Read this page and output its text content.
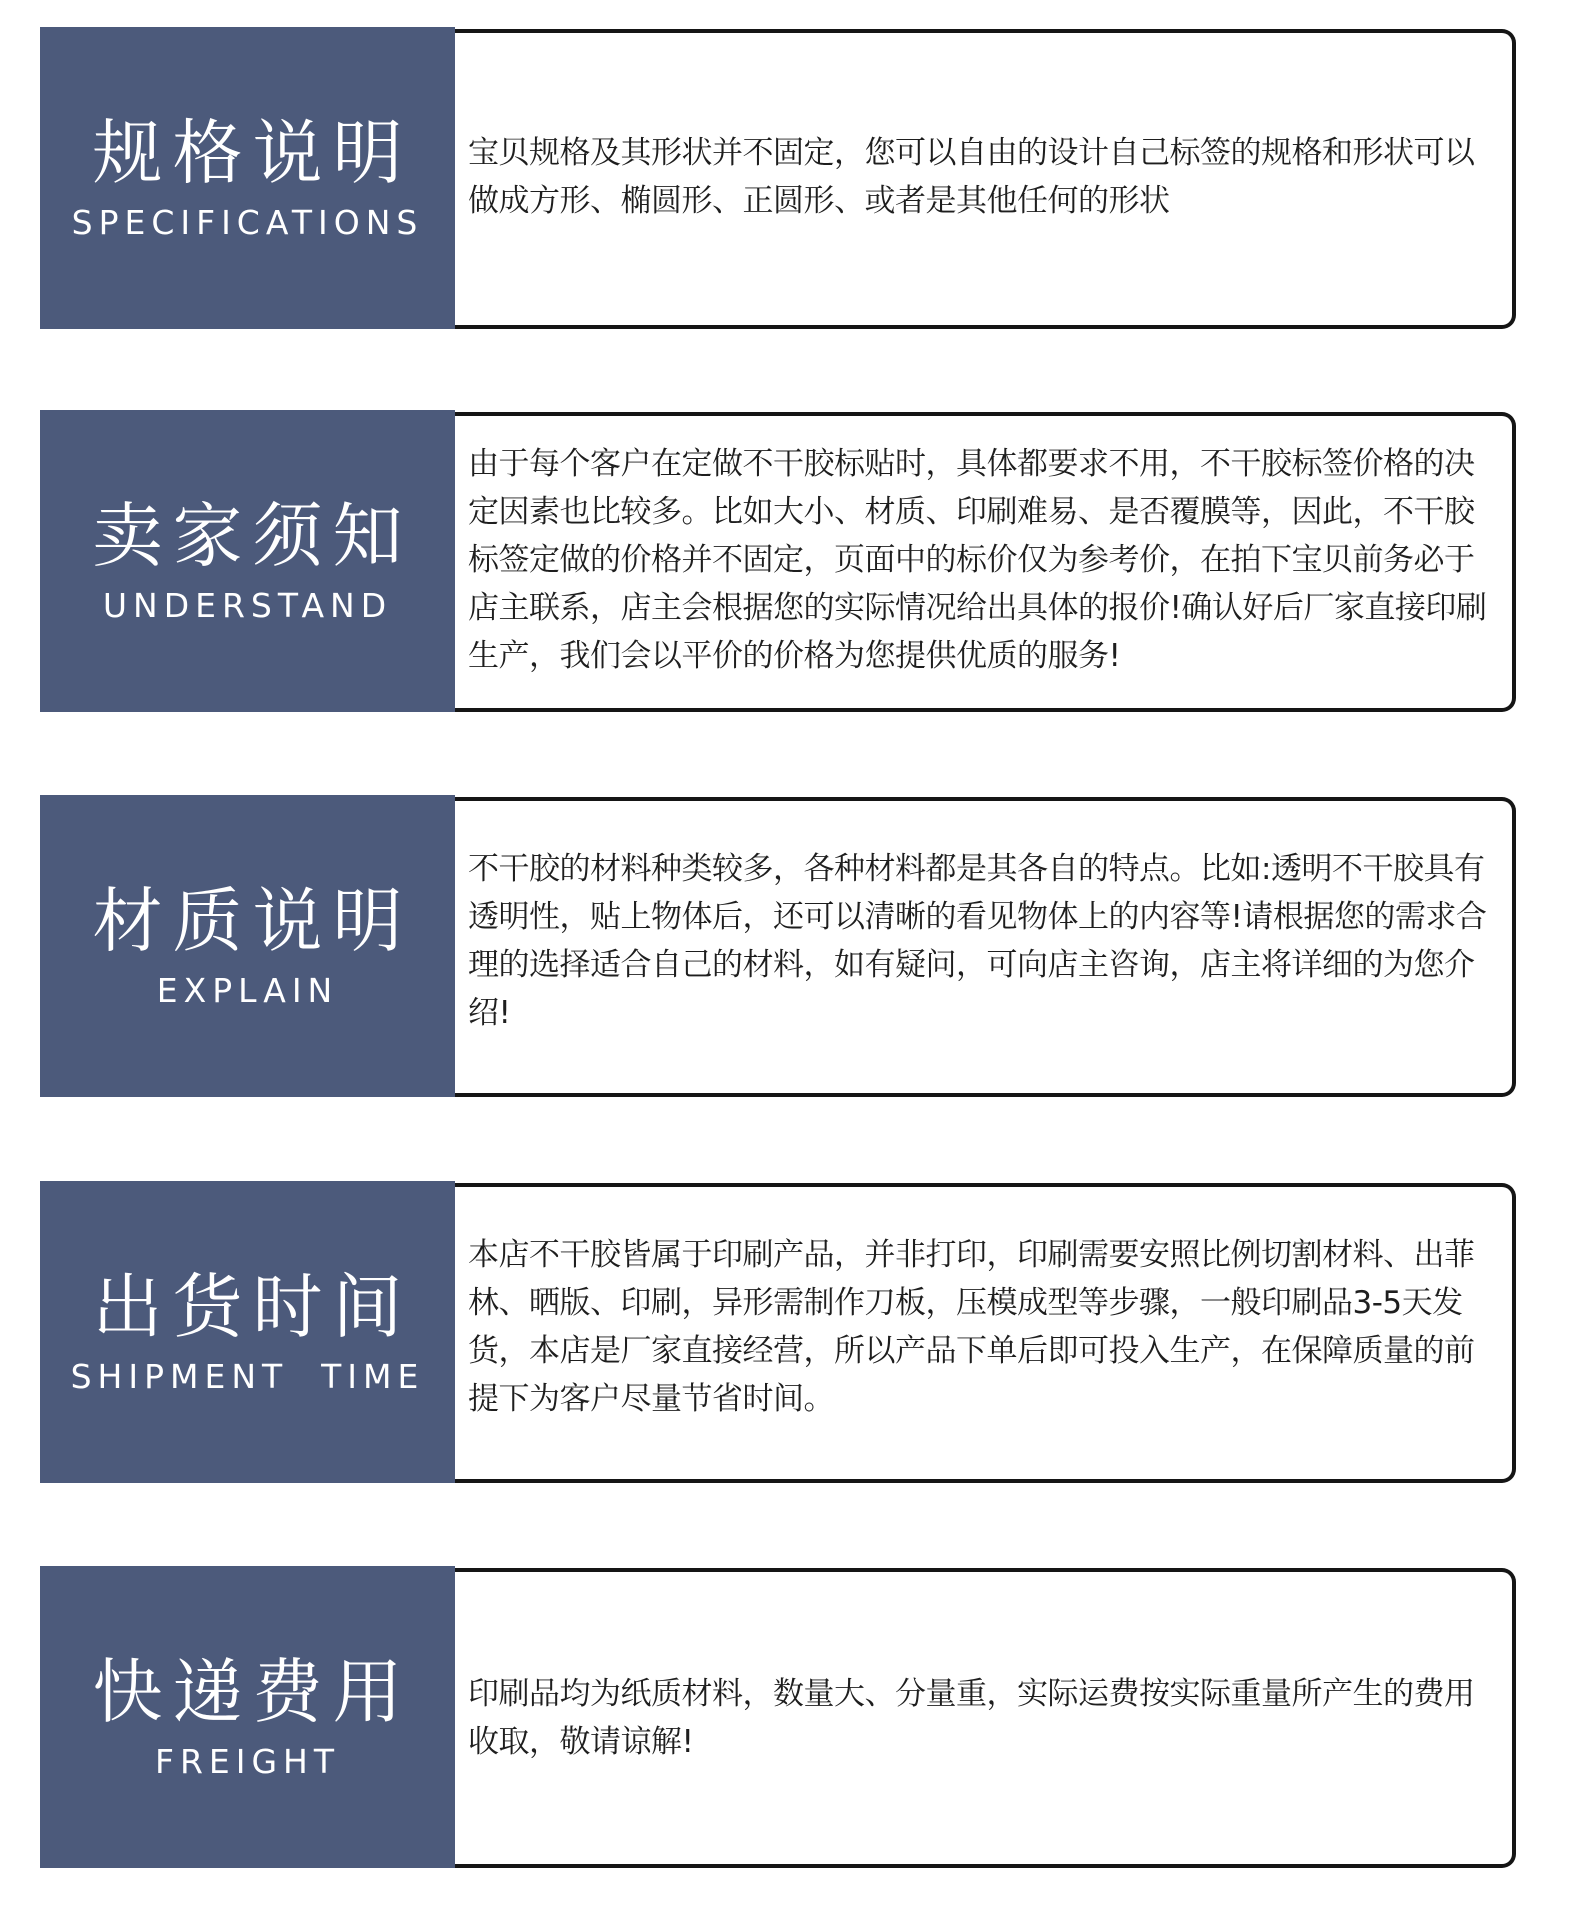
规格说明
SPECIFICATIONS
宝贝规格及其形状并不固定，您可以自由的设计自己标签的规格和形状可以做成方形、椭圆形、正圆形、或者是其他任何的形状
卖家须知
UNDERSTAND
由于每个客户在定做不干胶标贴时，具体都要求不用，不干胶标签价格的决定因素也比较多。比如大小、材质、印刷难易、是否覆膜等，因此，不干胶标签定做的价格并不固定，页面中的标价仅为参考价，在拍下宝贝前务必于店主联系，店主会根据您的实际情况给出具体的报价!确认好后厂家直接印刷生产，我们会以平价的价格为您提供优质的服务!
材质说明
EXPLAIN
不干胶的材料种类较多，各种材料都是其各自的特点。比如:透明不干胶具有透明性，贴上物体后，还可以清晰的看见物体上的内容等!请根据您的需求合理的选择适合自己的材料，如有疑问，可向店主咨询，店主将详细的为您介绍!
出货时间
SHIPMENT  TIME
本店不干胶皆属于印刷产品，并非打印，印刷需要安照比例切割材料、出菲林、晒版、印刷，异形需制作刀板，压模成型等步骤，一般印刷品3-5天发货，本店是厂家直接经营，所以产品下单后即可投入生产，在保障质量的前提下为客户尽量节省时间。
快递费用
FREIGHT
印刷品均为纸质材料，数量大、分量重，实际运费按实际重量所产生的费用收取，敬请谅解!
